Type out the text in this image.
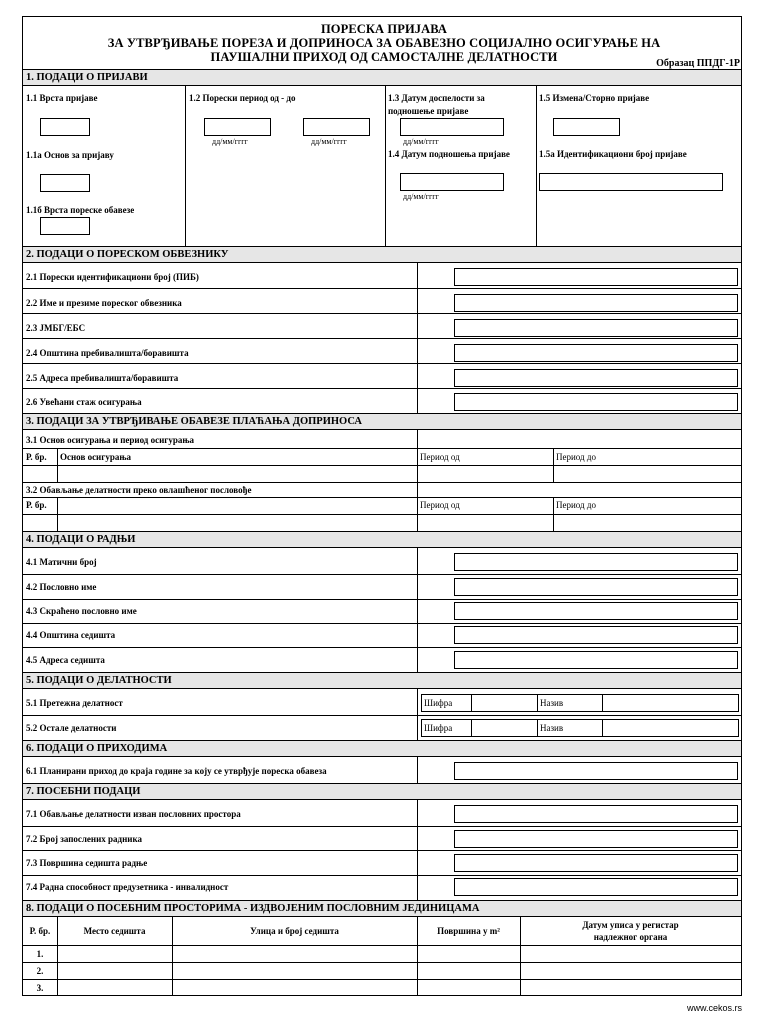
ПОРЕСКА ПРИЈАВА
ЗА УТВРЂИВАЊЕ ПОРЕЗА И ДОПРИНОСА ЗА ОБАВЕЗНО СОЦИЈАЛНО ОСИГУРАЊЕ НА
ПАУШАЛНИ ПРИХОД ОД САМОСТАЛНЕ ДЕЛАТНОСТИ	Образац ППДГ-1Р
1. ПОДАЦИ О ПРИЈАВИ
1.1 Врста пријаве
1.1а Основ за пријаву
1.1б Врста пореске обавезе
1.2 Порески период од - до
дд/мм/гггг	дд/мм/гггг
1.3 Датум доспелости за подношење пријаве
дд/мм/гггг
1.4 Датум подношења пријаве
дд/мм/гггг
1.5 Измена/Сторно пријаве
1.5а Идентификациони број пријаве
2. ПОДАЦИ О ПОРЕСКОМ ОБВЕЗНИКУ
2.1 Порески идентификациони број (ПИБ)
2.2 Име и презиме пореског обвезника
2.3 ЈМБГ/ЕБС
2.4 Општина пребивалишта/боравишта
2.5 Адреса пребивалишта/боравишта
2.6 Увећани стаж осигурања
3. ПОДАЦИ ЗА УТВРЂИВАЊЕ ОБАВЕЗЕ ПЛАЋАЊА ДОПРИНОСА
3.1 Основ осигурања и период осигурања
Р. бр. Основ осигурања	Период од	Период до
3.2 Обављање делатности преко овлашћеног пословође
Р. бр.	Период од	Период до
4. ПОДАЦИ О РАДЊИ
4.1 Матични број
4.2 Пословно име
4.3 Скраћено пословно име
4.4 Општина седишта
4.5 Адреса седишта
5. ПОДАЦИ О ДЕЛАТНОСТИ
5.1 Претежна делатност	Шифра	Назив
5.2 Остале делатности	Шифра	Назив
6. ПОДАЦИ О ПРИХОДИМА
6.1 Планирани приход до краја године за коју се утврђује пореска обавеза
7. ПОСЕБНИ ПОДАЦИ
7.1 Обављање делатности изван пословних простора
7.2 Број запослених радника
7.3 Површина седишта радње
7.4 Радна способност предузетника - инвалидност
8. ПОДАЦИ О ПОСЕБНИМ ПРОСТОРИМА - ИЗДВОЈЕНИМ ПОСЛОВНИМ ЈЕДИНИЦАМА
Р. бр.	Место седишта	Улица и број седишта	Површина у m²
Датум уписа у регистар
надлежног органа
1.
2.
3.
www.cekos.rs
